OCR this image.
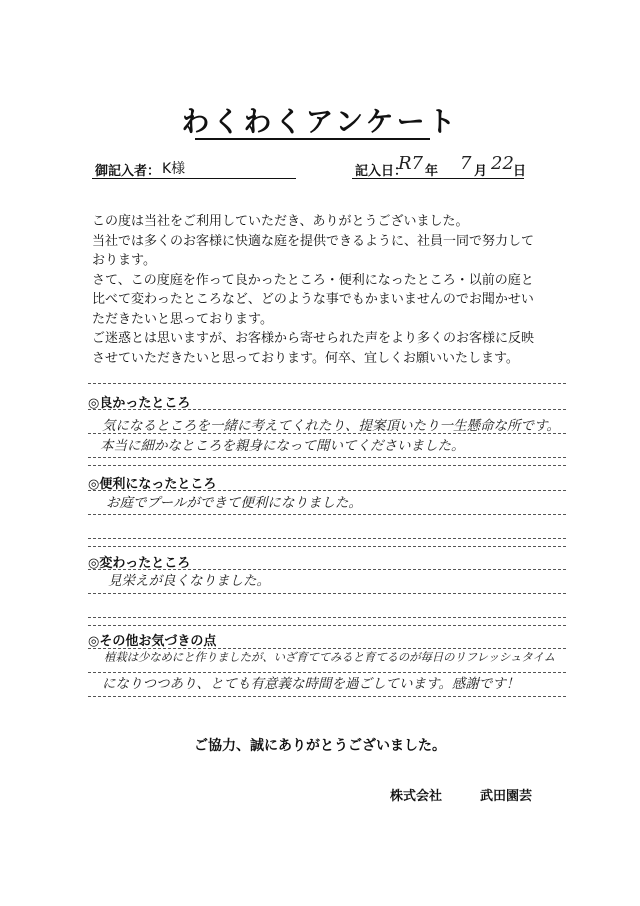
わくわくアンケート
御記入者： K様	記入日：
R7 年 7 月 22 日

この度は当社をご利用していただき、ありがとうございました。

当社では多くのお客様に快適な庭を提供できるように、社員一同で努力して

おります。

さて、この度庭を作って良かったところ・便利になったところ・以前の庭と

比べて変わったところなど、どのような事でもかまいませんのでお聞かせい

ただきたいと思っております。

ご迷惑とは思いますが、お客様から寄せられた声をより多くのお客様に反映

させていただきたいと思っております。何卒、宜しくお願いいたします。

◎良かったところ
気になるところを一緒に考えてくれたり、提案頂いたり一生懸命な所です。
本当に細かなところを親身になって聞いてくださいました。
◎便利になったところ
お庭でプールができて便利になりました。
◎変わったところ
見栄えが良くなりました。
◎その他お気づきの点
植栽は少なめにと作りましたが、いざ育ててみると育てるのが毎日のリフレッシュタイム
になりつつあり、とても有意義な時間を過ごしています。感謝です！
ご協力、誠にありがとうございました。
株式会社	武田園芸
